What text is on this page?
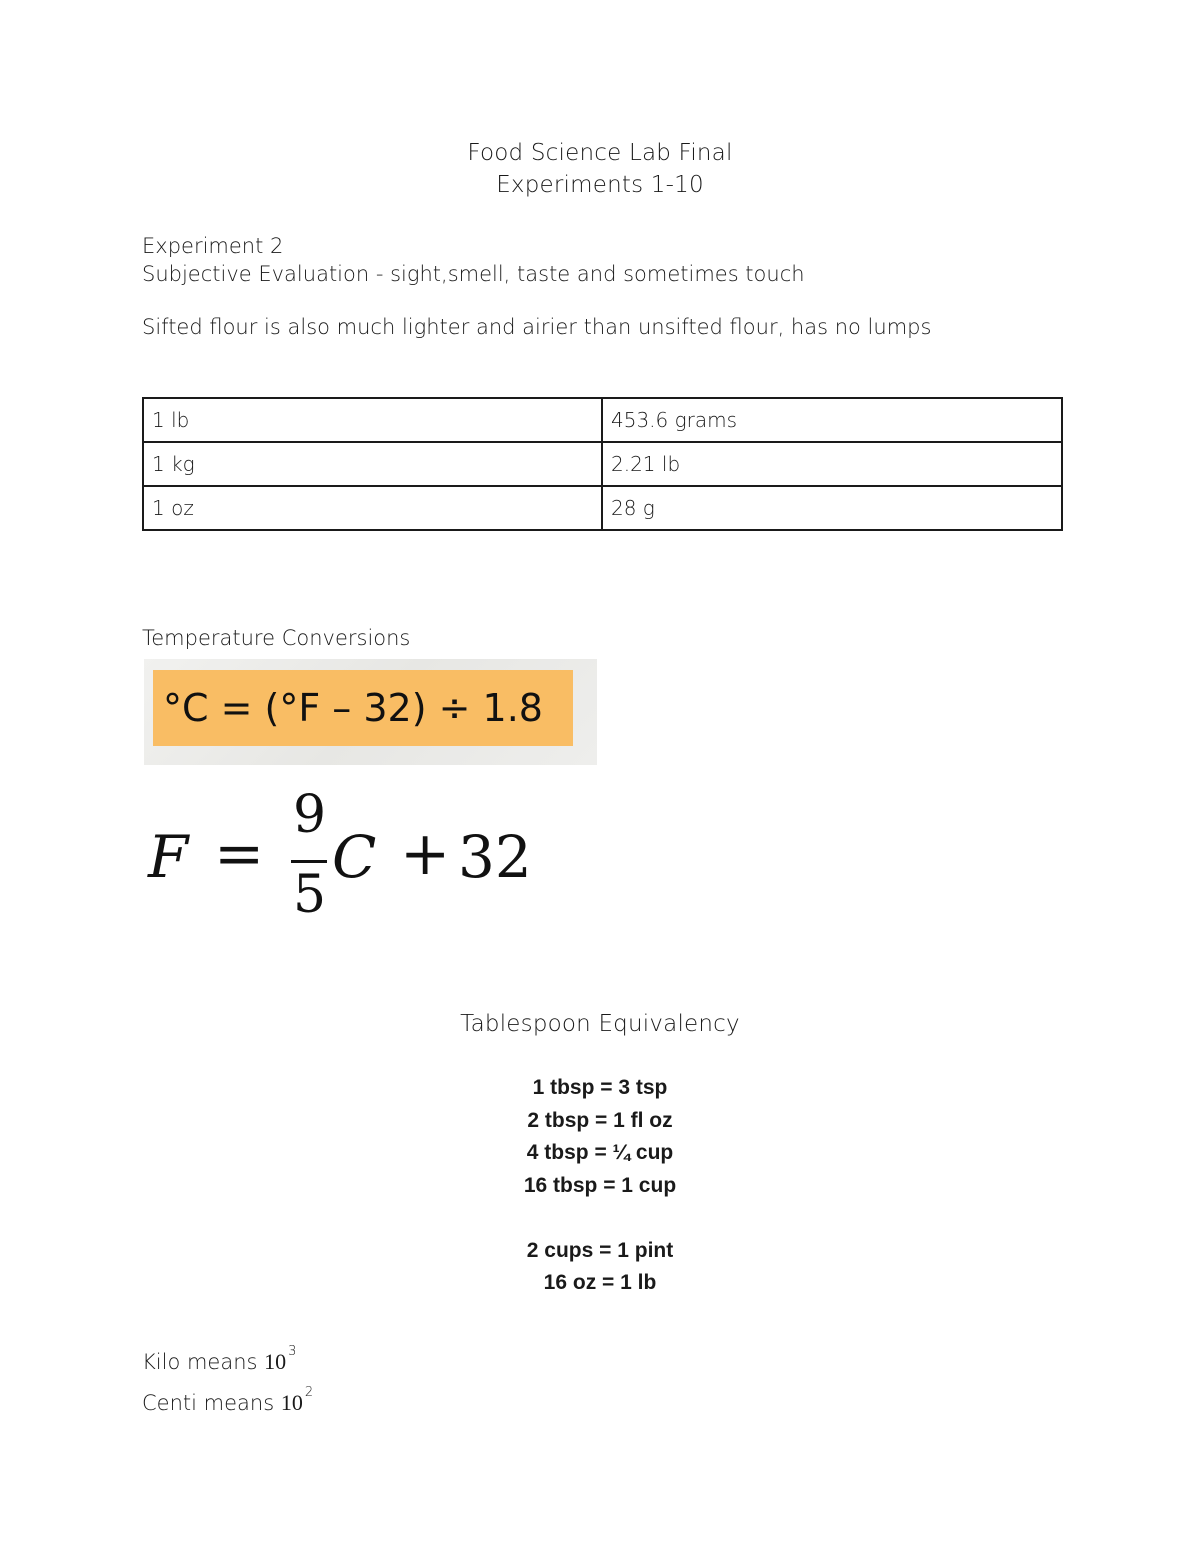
Food Science Lab Final
Experiments 1-10
Experiment 2
Subjective Evaluation - sight,smell, taste and sometimes touch
Sifted flour is also much lighter and airier than unsifted flour, has no lumps
1 lb	453.6 grams
1 kg	2.21 lb
1 oz	28 g
Temperature Conversions
°C = (°F – 32) ÷ 1.8
F =
9
5
C + 32
Tablespoon Equivalency
1 tbsp = 3 tsp
2 tbsp = 1 fl oz
4 tbsp = ¼ cup
16 tbsp = 1 cup
2 cups = 1 pint
16 oz = 1 lb
Kilo means 10 $^3$
Centi means 10 $^2$
